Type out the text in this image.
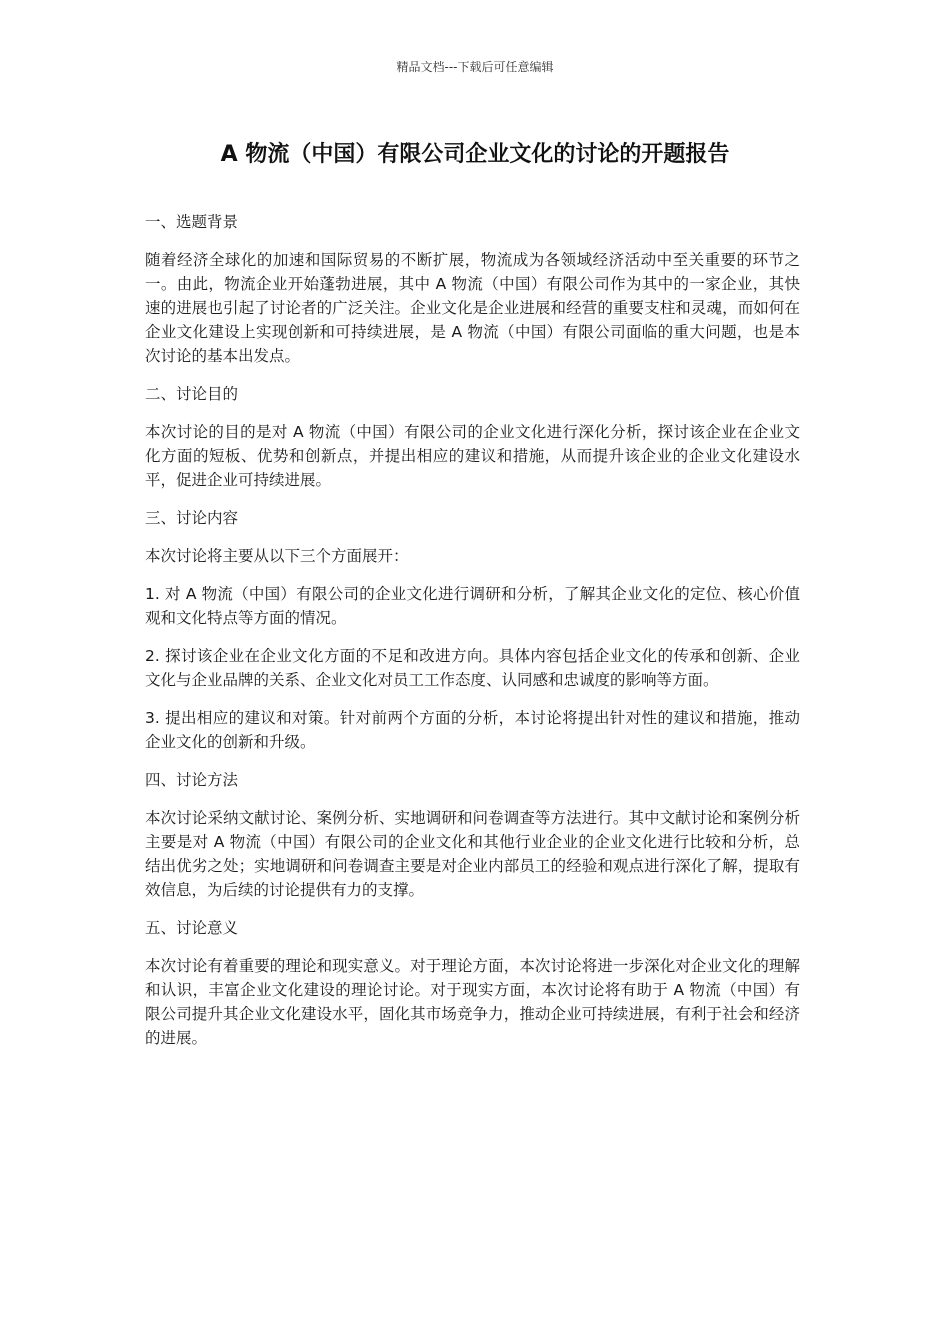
精品文档---下载后可任意编辑
A 物流（中国）有限公司企业文化的讨论的开题报告
一、选题背景

随着经济全球化的加速和国际贸易的不断扩展，物流成为各领域经济活动中至关重要的环节之一。由此，物流企业开始蓬勃进展，其中 A 物流（中国）有限公司作为其中的一家企业，其快速的进展也引起了讨论者的广泛关注。企业文化是企业进展和经营的重要支柱和灵魂，而如何在企业文化建设上实现创新和可持续进展，是 A 物流（中国）有限公司面临的重大问题，也是本次讨论的基本出发点。

二、讨论目的

本次讨论的目的是对 A 物流（中国）有限公司的企业文化进行深化分析，探讨该企业在企业文化方面的短板、优势和创新点，并提出相应的建议和措施，从而提升该企业的企业文化建设水平，促进企业可持续进展。

三、讨论内容

本次讨论将主要从以下三个方面展开：

1. 对 A 物流（中国）有限公司的企业文化进行调研和分析，了解其企业文化的定位、核心价值观和文化特点等方面的情况。

2. 探讨该企业在企业文化方面的不足和改进方向。具体内容包括企业文化的传承和创新、企业文化与企业品牌的关系、企业文化对员工工作态度、认同感和忠诚度的影响等方面。

3. 提出相应的建议和对策。针对前两个方面的分析，本讨论将提出针对性的建议和措施，推动企业文化的创新和升级。

四、讨论方法

本次讨论采纳文献讨论、案例分析、实地调研和问卷调查等方法进行。其中文献讨论和案例分析主要是对 A 物流（中国）有限公司的企业文化和其他行业企业的企业文化进行比较和分析，总结出优劣之处；实地调研和问卷调查主要是对企业内部员工的经验和观点进行深化了解，提取有效信息，为后续的讨论提供有力的支撑。

五、讨论意义

本次讨论有着重要的理论和现实意义。对于理论方面，本次讨论将进一步深化对企业文化的理解和认识，丰富企业文化建设的理论讨论。对于现实方面，本次讨论将有助于 A 物流（中国）有限公司提升其企业文化建设水平，固化其市场竞争力，推动企业可持续进展，有利于社会和经济的进展。
